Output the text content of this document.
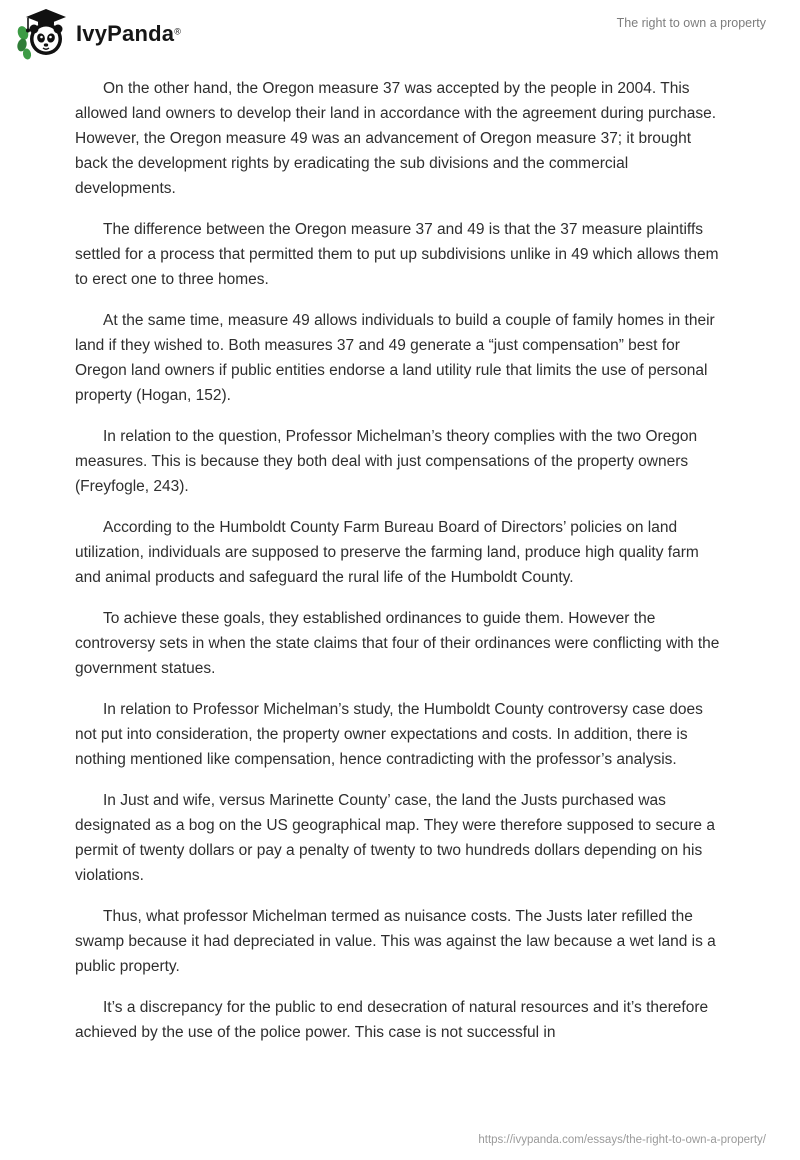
IvyPanda®
The right to own a property

On the other hand, the Oregon measure 37 was accepted by the people in 2004. This allowed land owners to develop their land in accordance with the agreement during purchase. However, the Oregon measure 49 was an advancement of Oregon measure 37; it brought back the development rights by eradicating the sub divisions and the commercial developments.

The difference between the Oregon measure 37 and 49 is that the 37 measure plaintiffs settled for a process that permitted them to put up subdivisions unlike in 49 which allows them to erect one to three homes.

At the same time, measure 49 allows individuals to build a couple of family homes in their land if they wished to. Both measures 37 and 49 generate a “just compensation” best for Oregon land owners if public entities endorse a land utility rule that limits the use of personal property (Hogan, 152).

In relation to the question, Professor Michelman’s theory complies with the two Oregon measures. This is because they both deal with just compensations of the property owners (Freyfogle, 243).

According to the Humboldt County Farm Bureau Board of Directors’ policies on land utilization, individuals are supposed to preserve the farming land, produce high quality farm and animal products and safeguard the rural life of the Humboldt County.

To achieve these goals, they established ordinances to guide them. However the controversy sets in when the state claims that four of their ordinances were conflicting with the government statues.

In relation to Professor Michelman’s study, the Humboldt County controversy case does not put into consideration, the property owner expectations and costs. In addition, there is nothing mentioned like compensation, hence contradicting with the professor’s analysis.

In Just and wife, versus Marinette County’ case, the land the Justs purchased was designated as a bog on the US geographical map. They were therefore supposed to secure a permit of twenty dollars or pay a penalty of twenty to two hundreds dollars depending on his violations.

Thus, what professor Michelman termed as nuisance costs. The Justs later refilled the swamp because it had depreciated in value. This was against the law because a wet land is a public property.

It’s a discrepancy for the public to end desecration of natural resources and it’s therefore achieved by the use of the police power. This case is not successful in

https://ivypanda.com/essays/the-right-to-own-a-property/
